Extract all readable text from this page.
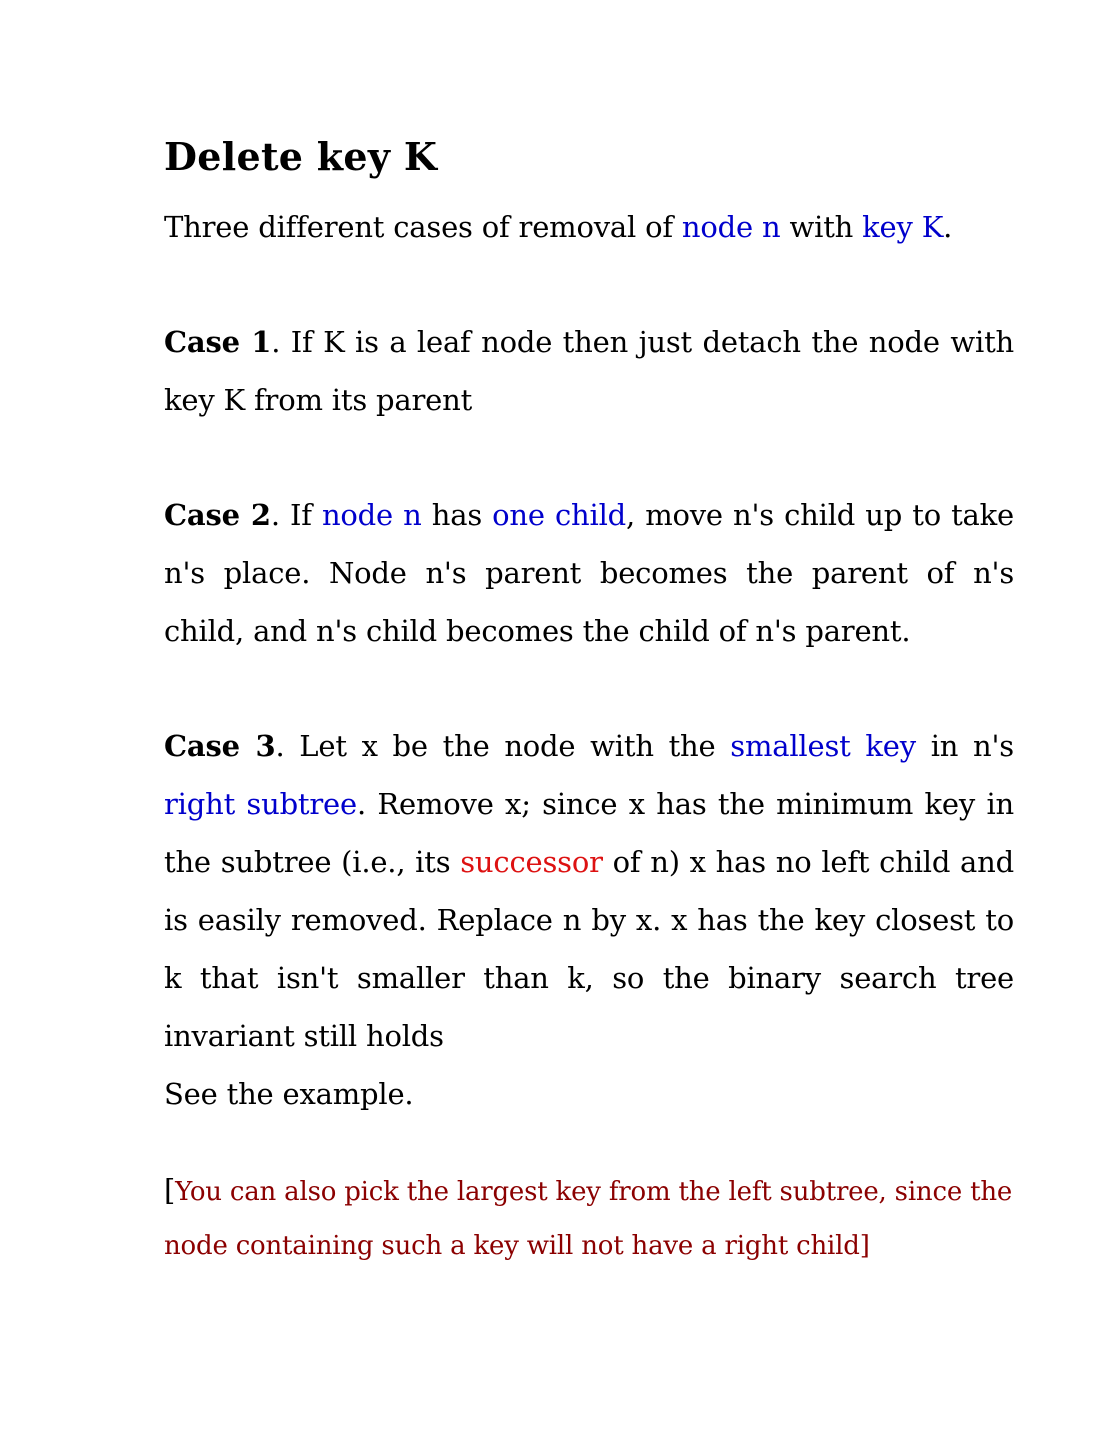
Delete key K

Three different cases of removal of node n with key K.

Case 1. If K is a leaf node then just detach the node with key K from its parent

Case 2. If node n has one child, move n's child up to take n's place. Node n's parent becomes the parent of n's child, and n's child becomes the child of n's parent.

Case 3. Let x be the node with the smallest key in n's right subtree. Remove x; since x has the minimum key in the subtree (i.e., its successor of n) x has no left child and is easily removed. Replace n by x. x has the key closest to k that isn't smaller than k, so the binary search tree invariant still holds

See the example.

[You can also pick the largest key from the left subtree, since the node containing such a key will not have a right child]
